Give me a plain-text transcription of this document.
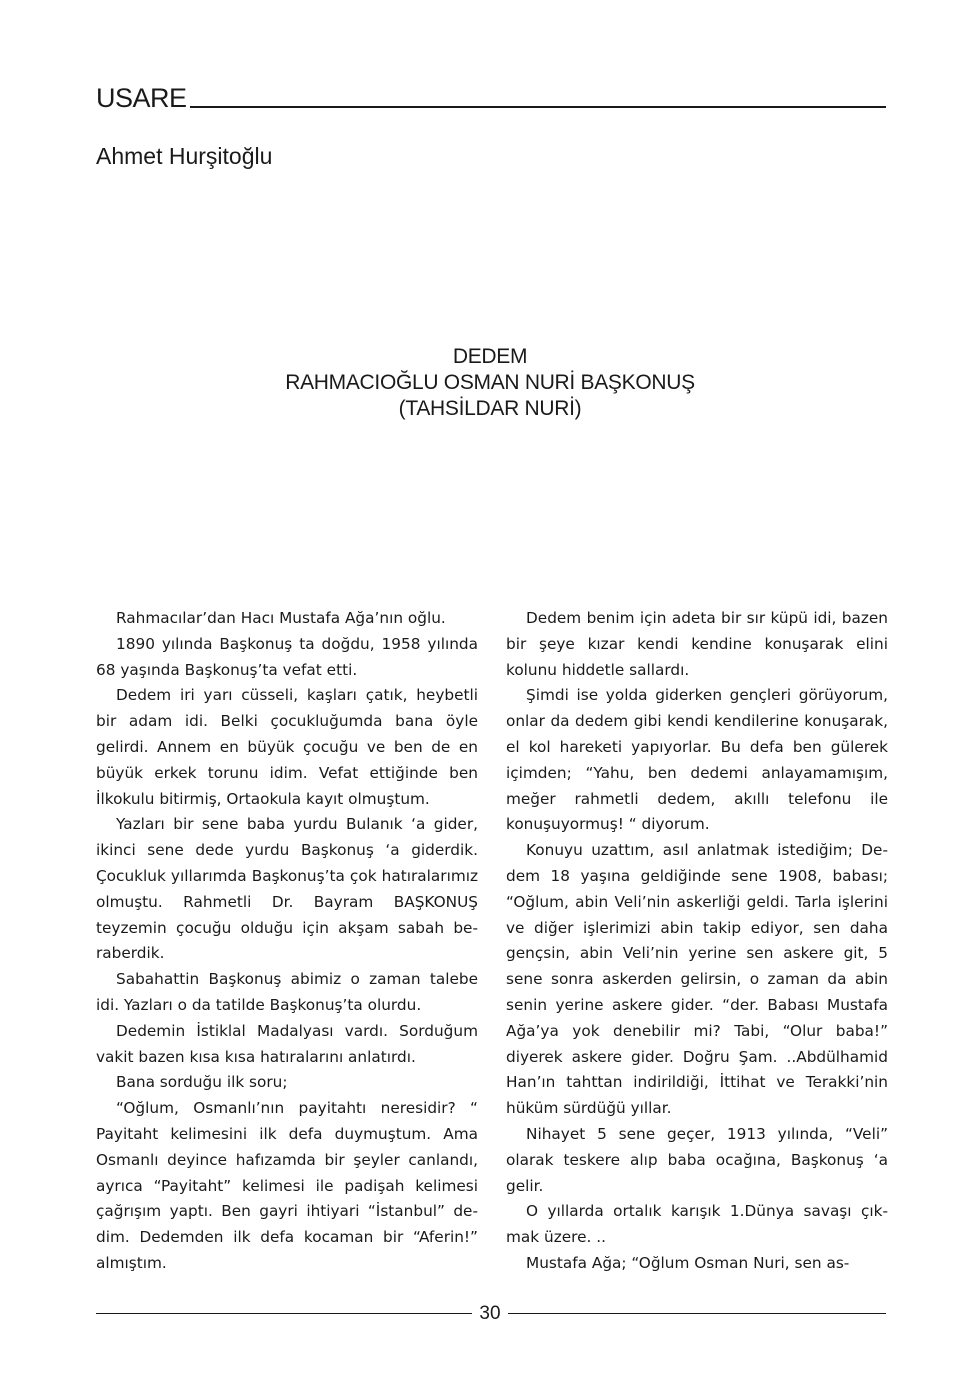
USARE
Ahmet Hurşitoğlu
DEDEM
RAHMACIOĞLU OSMAN NURİ BAŞKONUŞ
(TAHSİLDAR NURİ)

Rahmacılar’dan Hacı Mustafa Ağa’nın oğlu.

1890 yılında Başkonuş ta doğdu, 1958 yılında 68 yaşında Başkonuş’ta vefat etti.

Dedem iri yarı cüsseli, kaşları çatık, heybetli bir adam idi. Belki çocukluğumda bana öyle gelirdi. Annem en büyük çocuğu ve ben de en büyük erkek torunu idim. Vefat ettiğinde ben İlkokulu bitirmiş, Ortaokula kayıt olmuştum.

Yazları bir sene baba yurdu Bulanık ‘a gider, ikinci sene dede yurdu Başkonuş ‘a giderdik. Çocukluk yıllarımda Başkonuş’ta çok hatıralarımız olmuştu. Rahmetli Dr. Bayram BAŞKONUŞ teyzemin çocuğu olduğu için akşam sabah beraberdik.

Sabahattin Başkonuş abimiz o zaman talebe idi. Yazları o da tatilde Başkonuş’ta olurdu.

Dedemin İstiklal Madalyası vardı. Sorduğum vakit bazen kısa kısa hatıralarını anlatırdı.

Bana sorduğu ilk soru;

“Oğlum, Osmanlı’nın payitahtı neresidir? “ Payitaht kelimesini ilk defa duymuştum. Ama Osmanlı deyince hafızamda bir şeyler canlandı, ayrıca “Payitaht” kelimesi ile padişah kelimesi çağrışım yaptı. Ben gayri ihtiyari “İstanbul” dedim. Dedemden ilk defa kocaman bir “Aferin!” almıştım.

Dedem benim için adeta bir sır küpü idi, bazen bir şeye kızar kendi kendine konuşarak elini kolunu hiddetle sallardı.

Şimdi ise yolda giderken gençleri görüyorum, onlar da dedem gibi kendi kendilerine konuşarak, el kol hareketi yapıyorlar. Bu defa ben gülerek içimden; “Yahu, ben dedemi anlayamamışım, meğer rahmetli dedem, akıllı telefonu ile konuşuyormuş! “ diyorum.

Konuyu uzattım, asıl anlatmak istediğim; Dedem 18 yaşına geldiğinde sene 1908, babası; “Oğlum, abin Veli’nin askerliği geldi. Tarla işlerini ve diğer işlerimizi abin takip ediyor, sen daha gençsin, abin Veli’nin yerine sen askere git, 5 sene sonra askerden gelirsin, o zaman da abin senin yerine askere gider. “der. Babası Mustafa Ağa’ya yok denebilir mi? Tabi, “Olur baba!” diyerek askere gider. Doğru Şam. ..Abdülhamid Han’ın tahttan indirildiği, İttihat ve Terakki’nin hüküm sürdüğü yıllar.

Nihayet 5 sene geçer, 1913 yılında, “Veli” olarak teskere alıp baba ocağına, Başkonuş ‘a gelir.

O yıllarda ortalık karışık 1.Dünya savaşı çıkmak üzere. ..

Mustafa Ağa; “Oğlum Osman Nuri, sen as-

30
